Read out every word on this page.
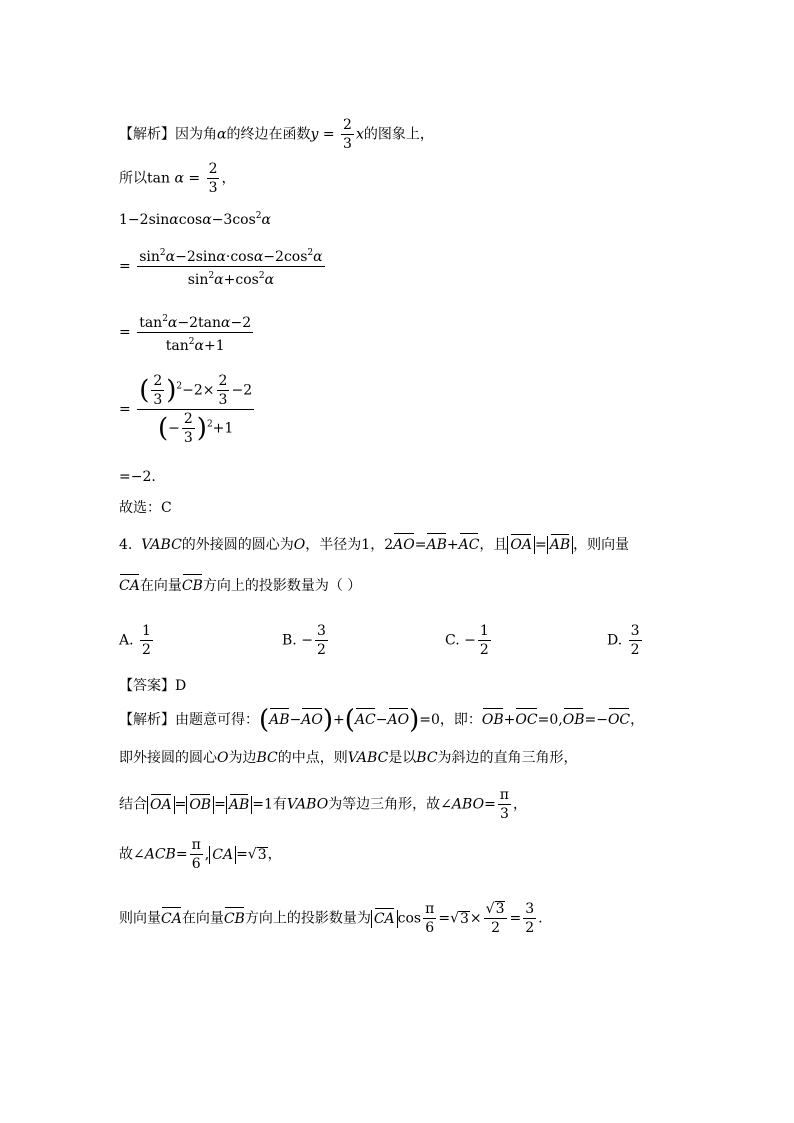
【解析】因为角α的终边在函数$y = \frac{2}{3}$ x的图象上，
所以$\tan \alpha = \frac{2}{3}$ ，
$1-2\sin\alpha\cos\alpha-3\cos^2\alpha$
= $\frac{\sin^2\alpha-2\sin\alpha\cdot\cos\alpha-2\cos^2\alpha}{\sin^2\alpha+\cos^2\alpha}$
= $\frac{\tan^2\alpha-2\tan\alpha-2}{\tan^2\alpha+1}$
= $\frac{( \frac{2}{3} )^2-2\times \frac{2}{3} -2}{(- \frac{2}{3} )^2+1}$
=−2.
故选：C
4. VABC的外接圆的圆心为O，半径为1，2AO=AB+AC，且 OA = AB ，则向量
CA在向量CB方向上的投影数量为（ ）
A. $\frac{1}{2}$	B. − $\frac{3}{2}$	C. − $\frac{1}{2}$	D. $\frac{3}{2}$
【答案】D
【解析】由题意可得：(AB−AO)+(AC−AO)=0，即：OB+OC=0,OB=−OC，
即外接圆的圆心O为边BC的中点，则VABC是以BC为斜边的直角三角形，
结合 OA = OB = AB =1有VABO为等边三角形，故∠ABO= $\frac{\pi}{3}$ ，
故∠ACB= $\frac{\pi}{6}$ , CA =√3，
则向量CA在向量CB方向上的投影数量为 CA $\cos \frac{\pi}{6} =√3\times \frac{√3}{2} = \frac{3}{2}$ .
